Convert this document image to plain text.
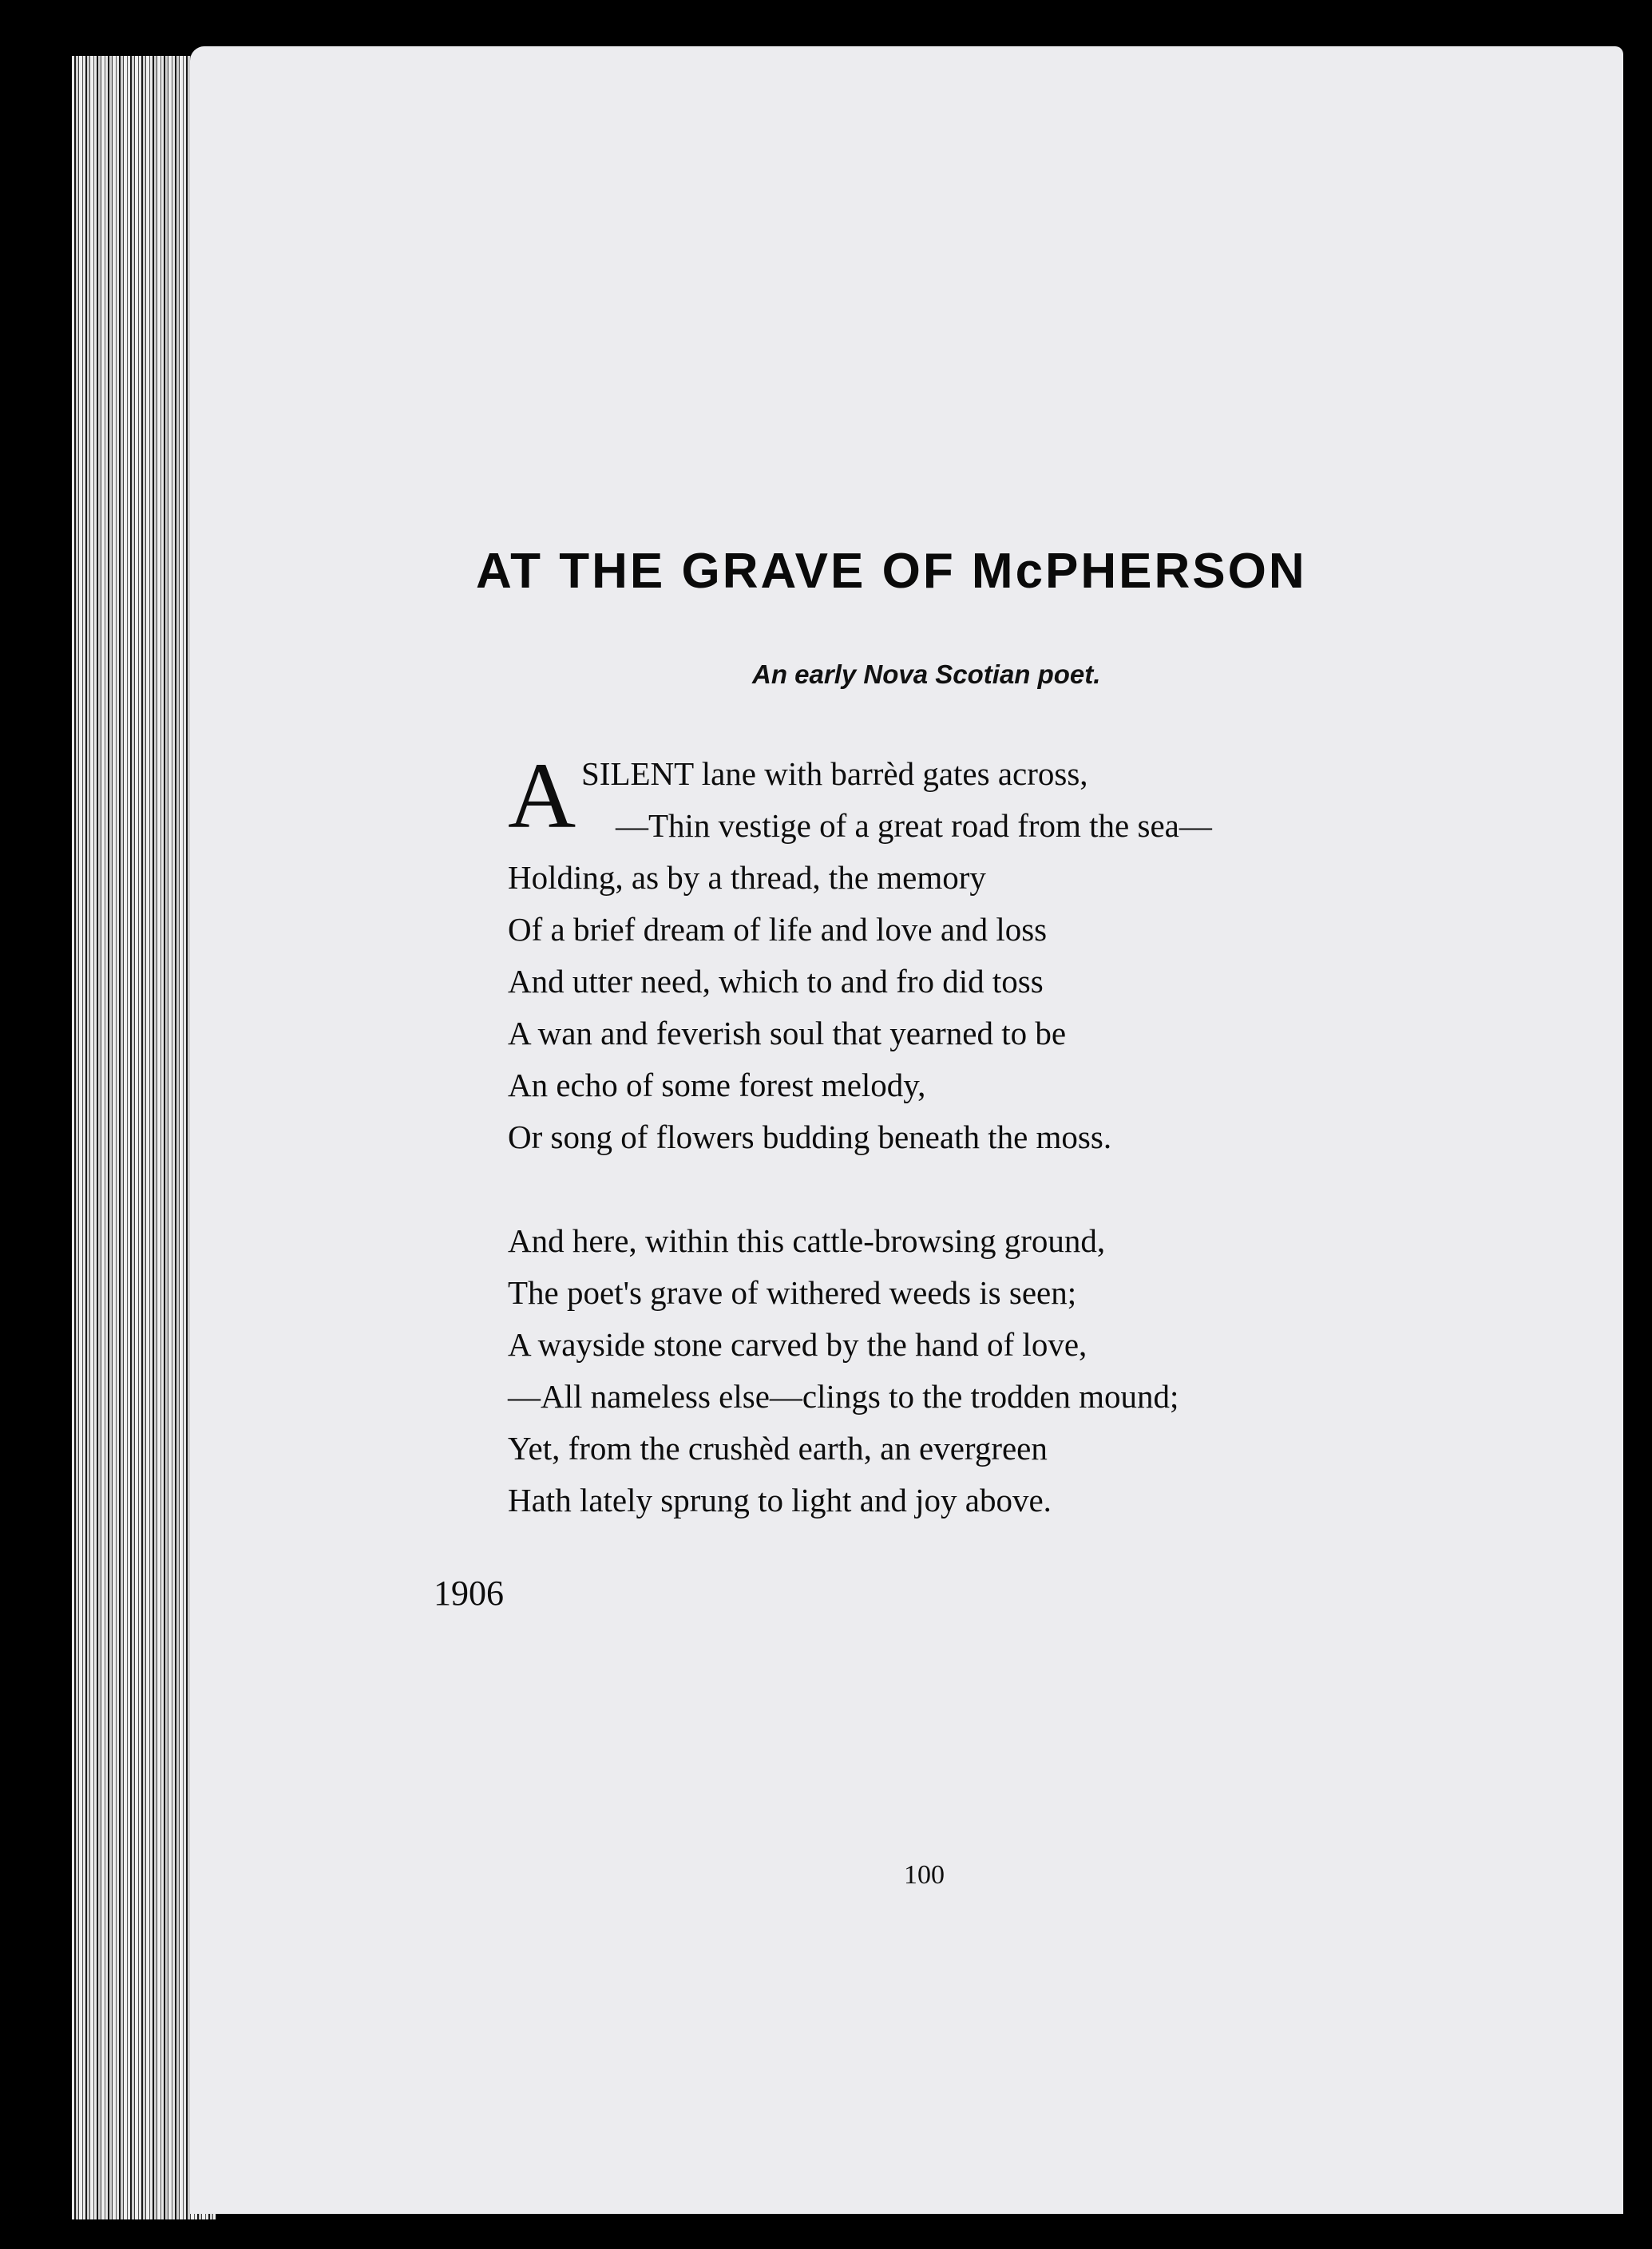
AT THE GRAVE OF McPHERSON

An early Nova Scotian poet.

A SILENT lane with barrèd gates across,
—Thin vestige of a great road from the sea—
Holding, as by a thread, the memory
Of a brief dream of life and love and loss
And utter need, which to and fro did toss
A wan and feverish soul that yearned to be
An echo of some forest melody,
Or song of flowers budding beneath the moss.
And here, within this cattle-browsing ground,
The poet's grave of withered weeds is seen;
A wayside stone carved by the hand of love,
—All nameless else—clings to the trodden mound;
Yet, from the crushèd earth, an evergreen
Hath lately sprung to light and joy above.
1906
100
